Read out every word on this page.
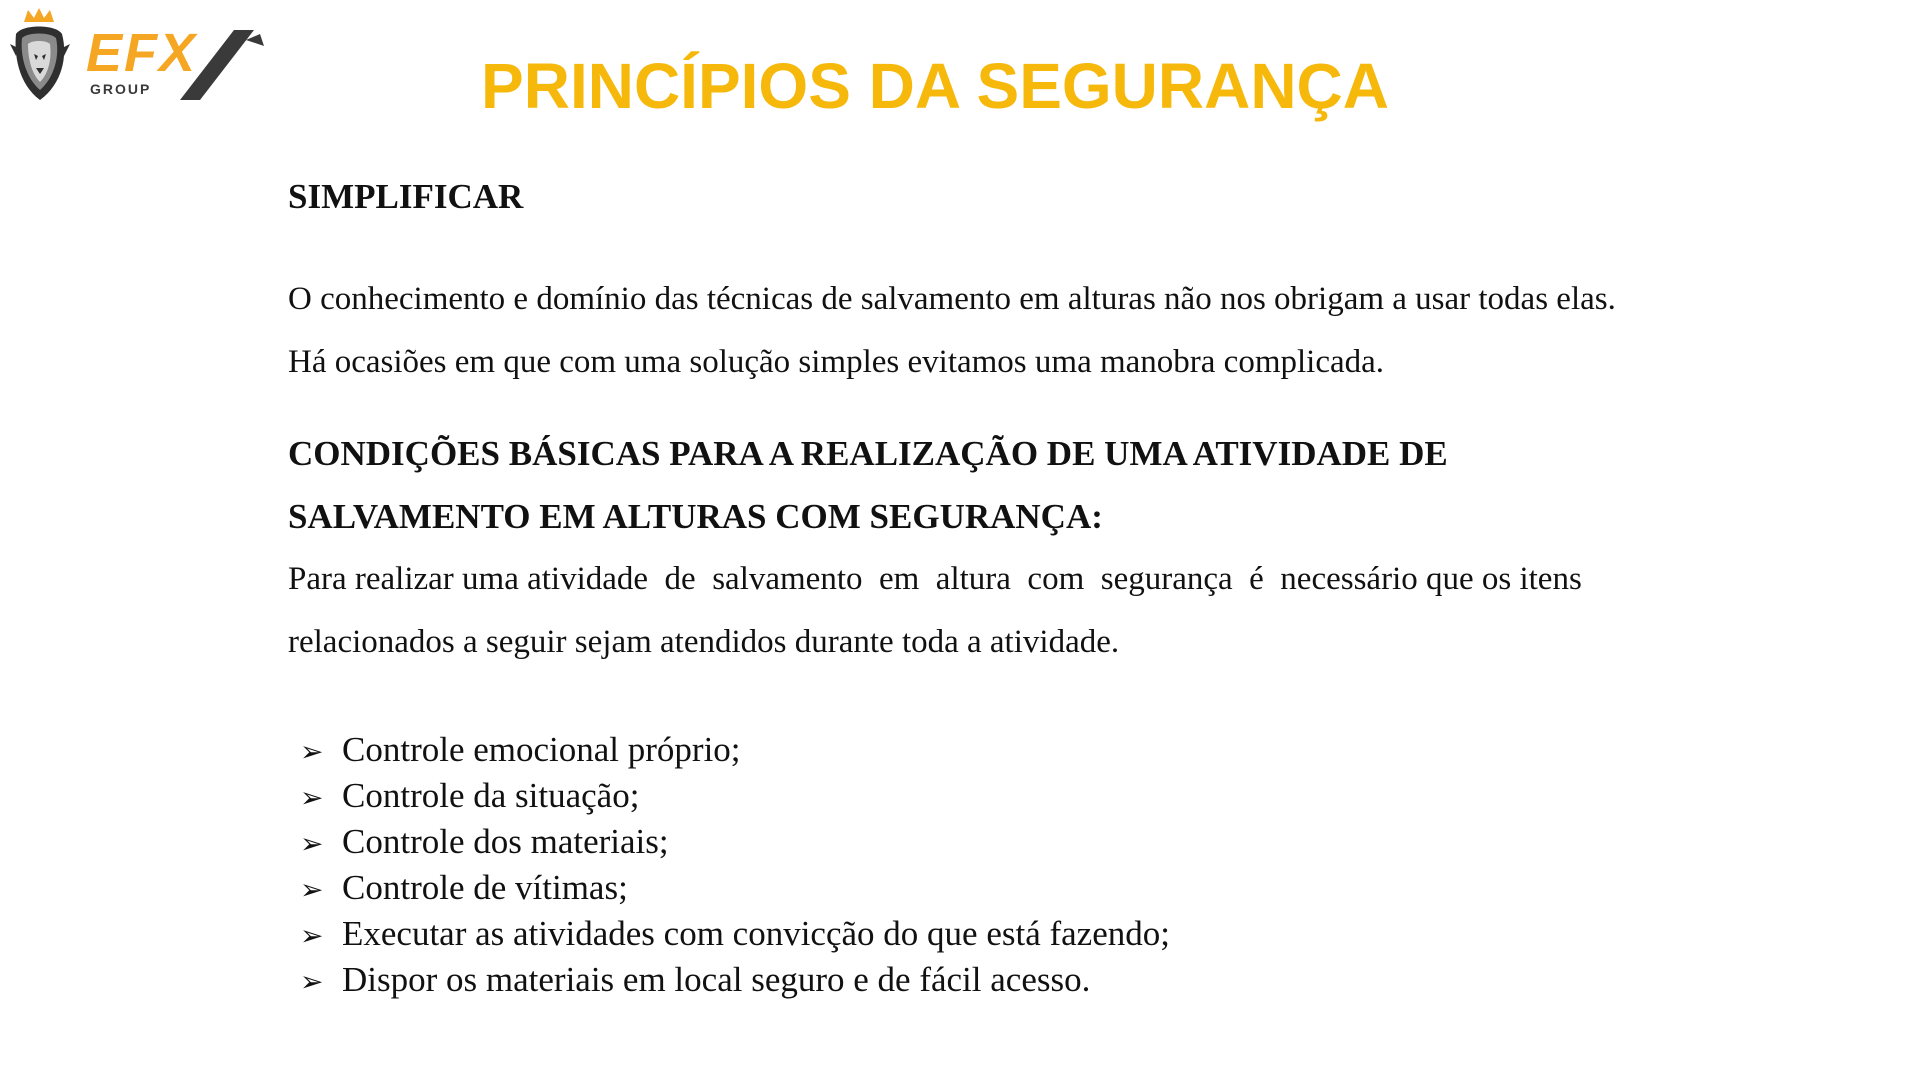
EFX
GROUP	PRINCÍPIOS DA SEGURANÇA
SIMPLIFICAR
O conhecimento e domínio das técnicas de salvamento em alturas não nos obrigam a usar todas elas.
Há ocasiões em que com uma solução simples evitamos uma manobra complicada.
CONDIÇÕES BÁSICAS PARA A REALIZAÇÃO DE UMA ATIVIDADE DE
SALVAMENTO EM ALTURAS COM SEGURANÇA:
Para realizar uma atividade  de  salvamento  em  altura  com  segurança  é  necessário que os itens
relacionados a seguir sejam atendidos durante toda a atividade.
➢ Controle emocional próprio;
➢ Controle da situação;
➢ Controle dos materiais;
➢ Controle de vítimas;
➢ Executar as atividades com convicção do que está fazendo;
➢ Dispor os materiais em local seguro e de fácil acesso.
